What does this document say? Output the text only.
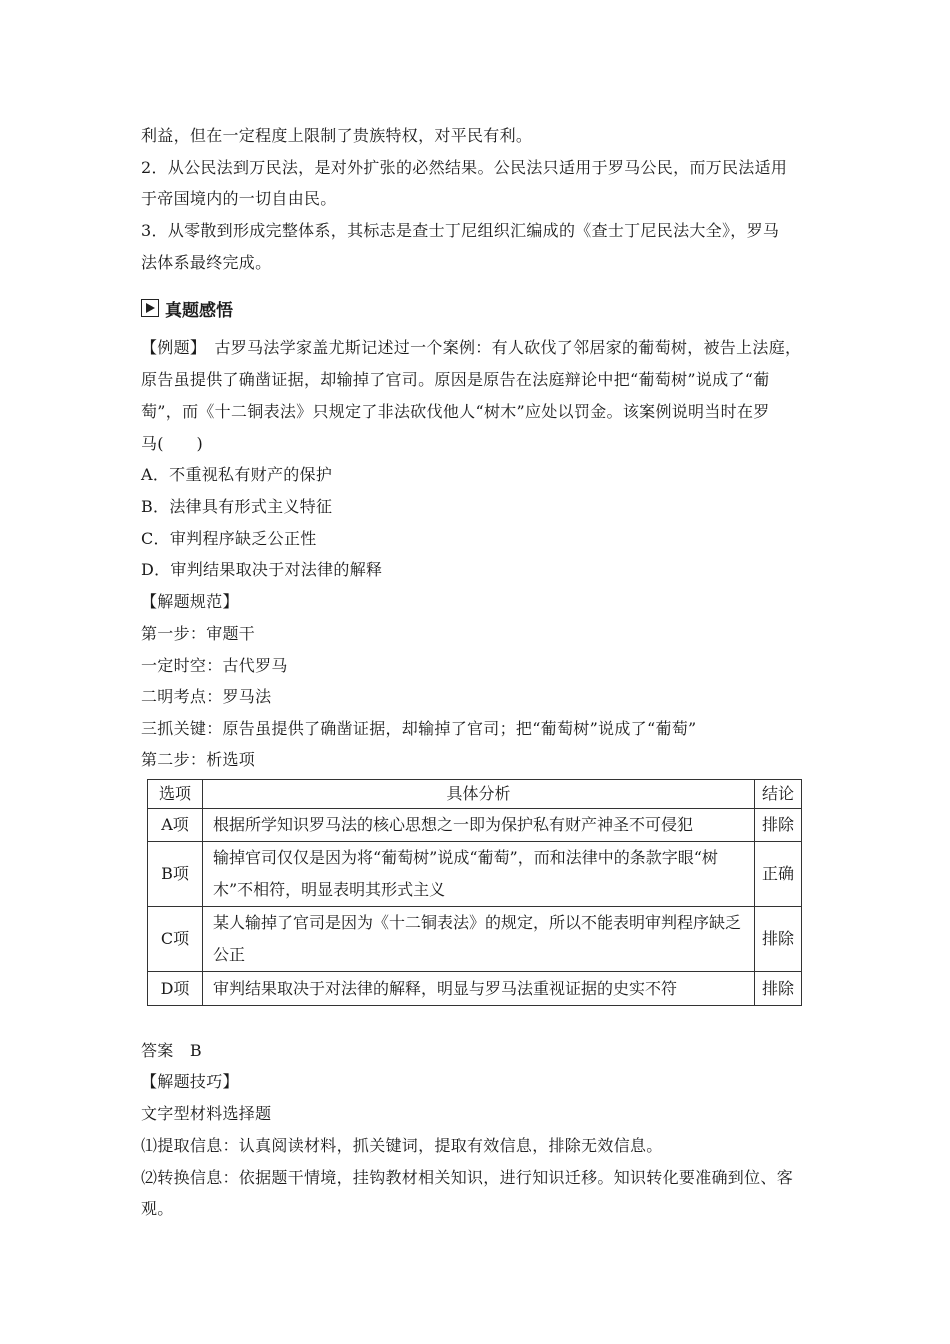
利益，但在一定程度上限制了贵族特权，对平民有利。
2．从公民法到万民法，是对外扩张的必然结果。公民法只适用于罗马公民，而万民法适用
于帝国境内的一切自由民。
3．从零散到形成完整体系，其标志是查士丁尼组织汇编成的《查士丁尼民法大全》，罗马
法体系最终完成。
真题感悟
【例题】　古罗马法学家盖尤斯记述过一个案例：有人砍伐了邻居家的葡萄树，被告上法庭，
原告虽提供了确凿证据，却输掉了官司。原因是原告在法庭辩论中把“葡萄树”说成了“葡
萄”，而《十二铜表法》只规定了非法砍伐他人“树木”应处以罚金。该案例说明当时在罗
马(　　)
A．不重视私有财产的保护
B．法律具有形式主义特征
C．审判程序缺乏公正性
D．审判结果取决于对法律的解释
【解题规范】
第一步：审题干
一定时空：古代罗马
二明考点：罗马法
三抓关键：原告虽提供了确凿证据，却输掉了官司；把“葡萄树”说成了“葡萄”
第二步：析选项
选项	具体分析	结论
A项	根据所学知识罗马法的核心思想之一即为保护私有财产神圣不可侵犯	排除
B项	输掉官司仅仅是因为将“葡萄树”说成“葡萄”，而和法律中的条款字眼“树木”不相符，明显表明其形式主义	正确
C项	某人输掉了官司是因为《十二铜表法》的规定，所以不能表明审判程序缺乏公正	排除
D项	审判结果取决于对法律的解释，明显与罗马法重视证据的史实不符	排除
答案　B
【解题技巧】
文字型材料选择题
⑴提取信息：认真阅读材料，抓关键词，提取有效信息，排除无效信息。
⑵转换信息：依据题干情境，挂钩教材相关知识，进行知识迁移。知识转化要准确到位、客
观。
